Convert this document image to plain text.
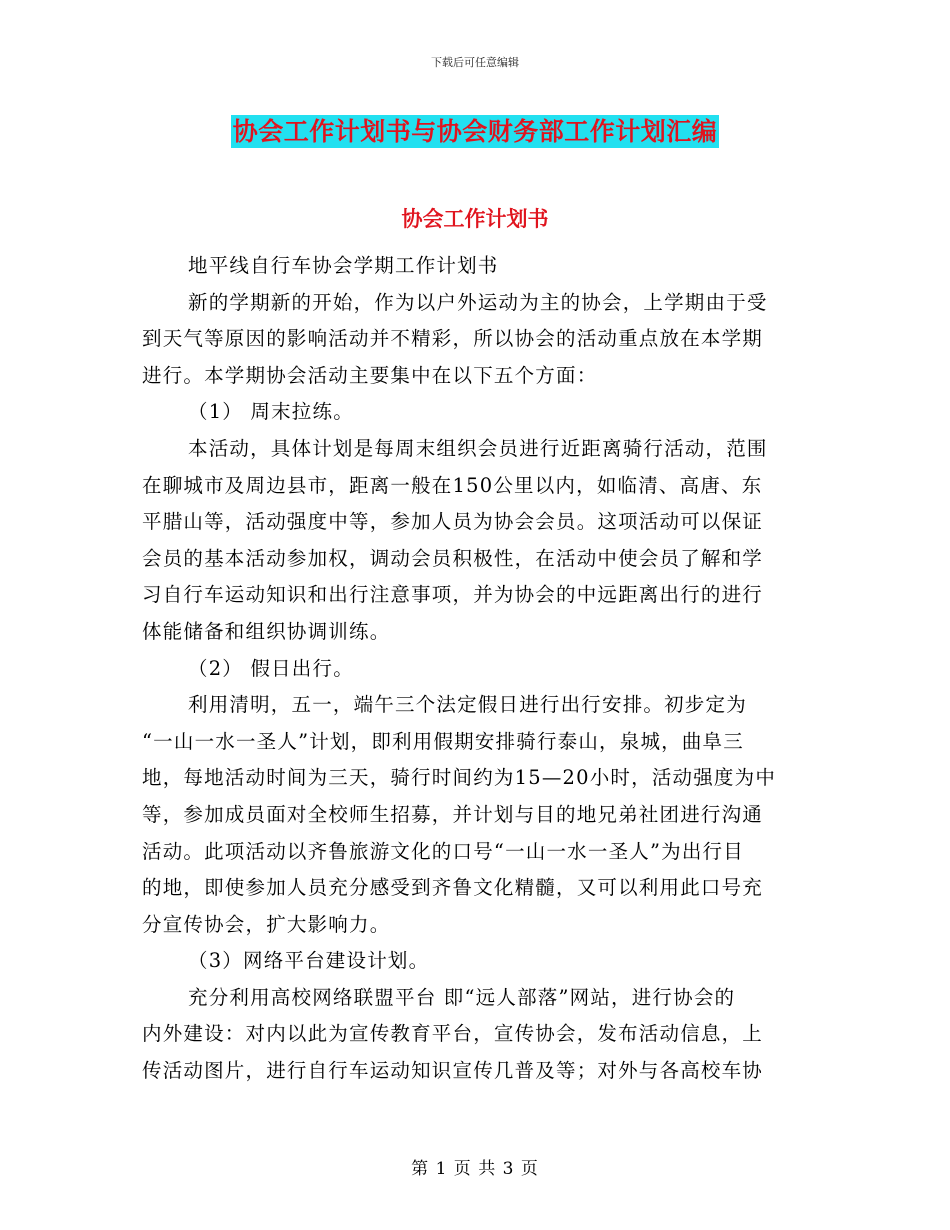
下载后可任意编辑
协会工作计划书与协会财务部工作计划汇编
协会工作计划书
地平线自行车协会学期工作计划书
新的学期新的开始，作为以户外运动为主的协会，上学期由于受
到天气等原因的影响活动并不精彩，所以协会的活动重点放在本学期
进行。本学期协会活动主要集中在以下五个方面：
（1） 周末拉练。
本活动，具体计划是每周末组织会员进行近距离骑行活动，范围
在聊城市及周边县市，距离一般在150公里以内，如临清、高唐、东
平腊山等，活动强度中等，参加人员为协会会员。这项活动可以保证
会员的基本活动参加权，调动会员积极性，在活动中使会员了解和学
习自行车运动知识和出行注意事项，并为协会的中远距离出行的进行
体能储备和组织协调训练。
（2） 假日出行。
利用清明，五一，端午三个法定假日进行出行安排。初步定为
“一山一水一圣人”计划，即利用假期安排骑行泰山，泉城，曲阜三
地，每地活动时间为三天，骑行时间约为15—20小时，活动强度为中
等，参加成员面对全校师生招募，并计划与目的地兄弟社团进行沟通
活动。此项活动以齐鲁旅游文化的口号“一山一水一圣人”为出行目
的地，即使参加人员充分感受到齐鲁文化精髓，又可以利用此口号充
分宣传协会，扩大影响力。
（3）网络平台建设计划。
充分利用高校网络联盟平台 即“远人部落”网站，进行协会的
内外建设：对内以此为宣传教育平台，宣传协会，发布活动信息，上
传活动图片，进行自行车运动知识宣传几普及等；对外与各高校车协
第 1 页 共 3 页
